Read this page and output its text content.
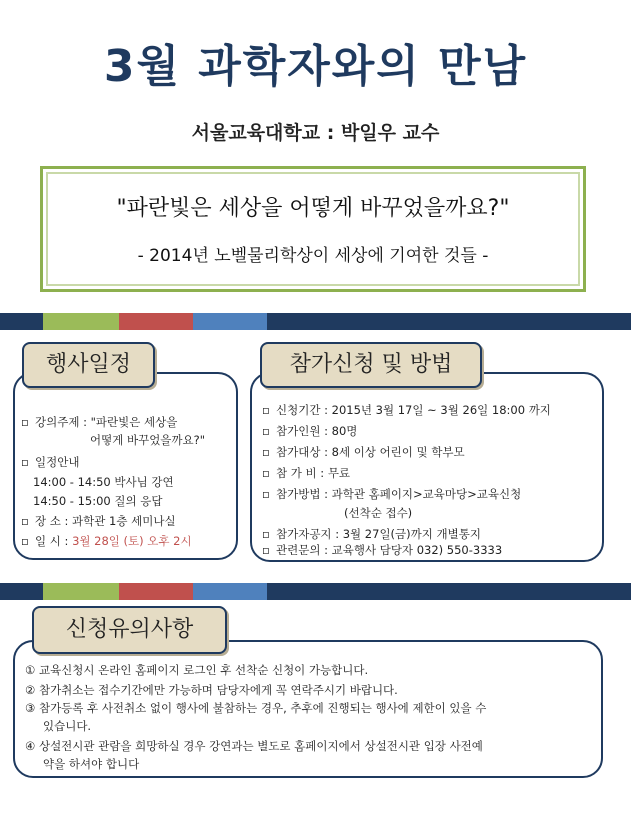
3월 과학자와의 만남
서울교육대학교 : 박일우 교수
"파란빛은 세상을 어떻게 바꾸었을까요?"
- 2014년 노벨물리학상이 세상에 기여한 것들 -
▫ 강의주제 : "파란빛은 세상을
어떻게 바꾸었을까요?"
▫ 일정안내
14:00 - 14:50 박사님 강연
14:50 - 15:00 질의 응답
▫ 장 소 : 과학관 1층 세미나실
▫ 일 시 : 3월 28일 (토) 오후 2시
행사일정
▫ 신청기간 : 2015년 3월 17일 ~ 3월 26일 18:00 까지
▫ 참가인원 : 80명
▫ 참가대상 : 8세 이상 어린이 및 학부모
▫ 참 가 비 : 무료
▫ 참가방법 : 과학관 홈페이지>교육마당>교육신청
(선착순 접수)
▫ 참가자공지 : 3월 27일(금)까지 개별통지
▫ 관련문의 : 교육행사 담당자 032) 550-3333
참가신청 및 방법
① 교육신청시 온라인 홈페이지 로그인 후 선착순 신청이 가능합니다.
② 참가취소는 접수기간에만 가능하며 담당자에게 꼭 연락주시기 바랍니다.
③ 참가등록 후 사전취소 없이 행사에 불참하는 경우, 추후에 진행되는 행사에 제한이 있을 수
있습니다.
④ 상설전시관 관람을 희망하실 경우 강연과는 별도로 홈페이지에서 상설전시관 입장 사전예
약을 하셔야 합니다
신청유의사항
